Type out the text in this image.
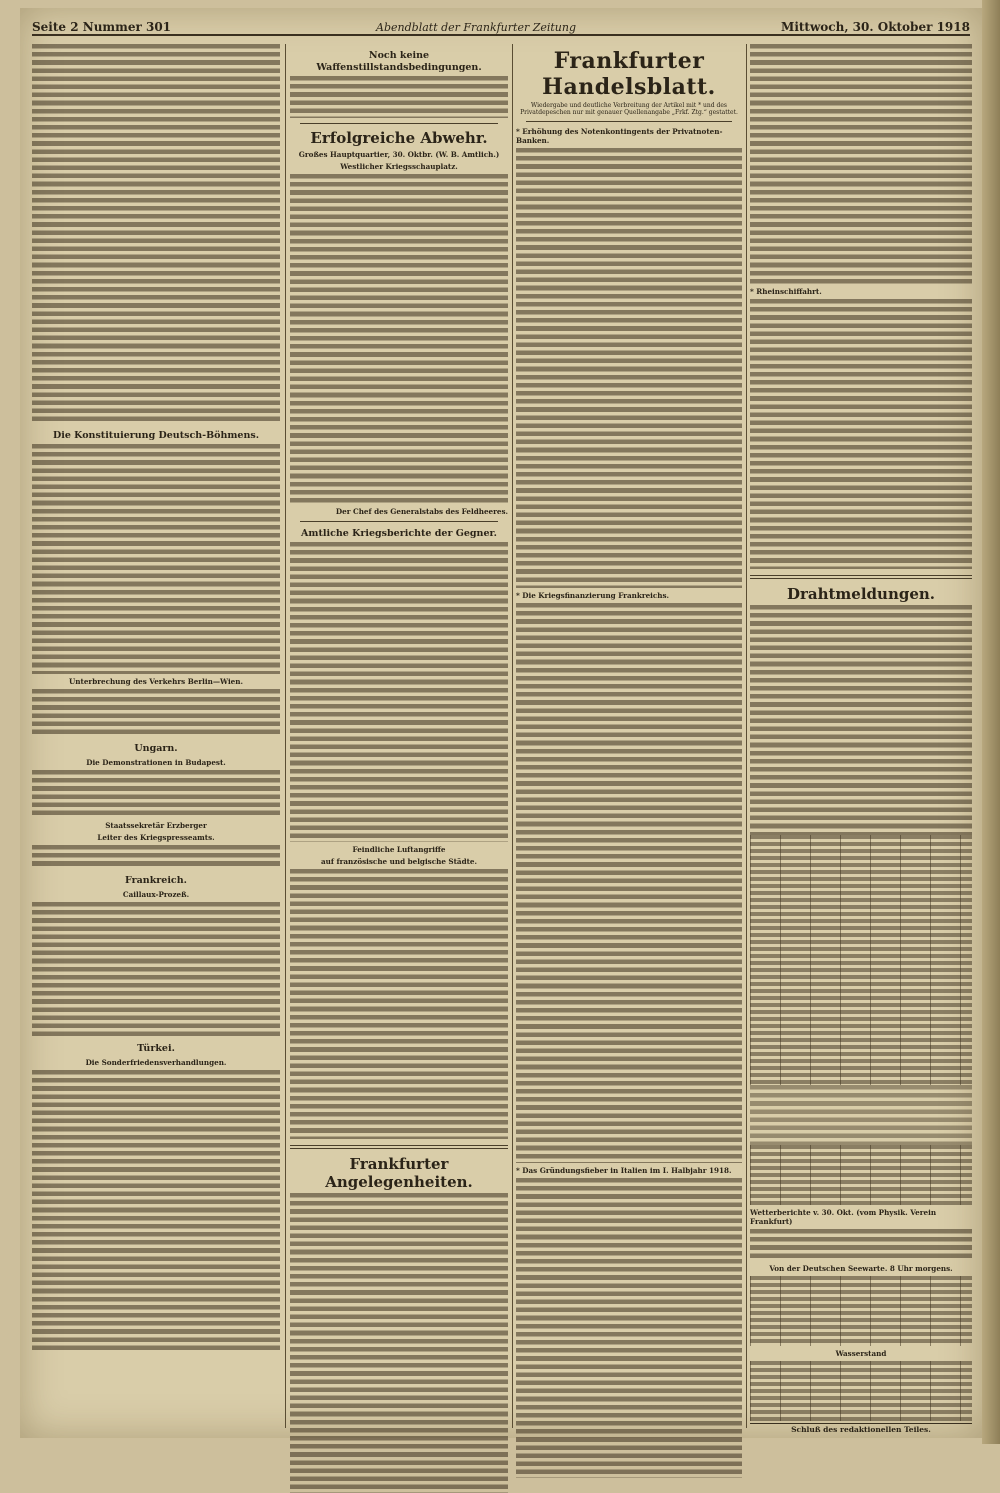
Seite 2 Nummer 301	Abendblatt der Frankfurter Zeitung	Mittwoch, 30. Oktober 1918
Die Konstituierung Deutsch-Böhmens.
Unterbrechung des Verkehrs Berlin—Wien.
Ungarn.
Die Demonstrationen in Budapest.
Staatssekretär Erzberger
Leiter des Kriegspresseamts.
Frankreich.
Caillaux-Prozeß.
Türkei.
Die Sonderfriedensverhandlungen.
Noch keine Waffenstillstandsbedingungen.
Erfolgreiche Abwehr.
Großes Hauptquartier, 30. Oktbr. (W. B. Amtlich.)
Westlicher Kriegsschauplatz.
Der Chef des Generalstabs des Feldheeres.
Amtliche Kriegsberichte der Gegner.
Feindliche Luftangriffe
auf französische und belgische Städte.
Frankfurter Angelegenheiten.
Frankfurter Handelsblatt.
Wiedergabe und deutliche Verbreitung der Artikel mit * und des Privatdepeschen nur mit genauer Quellenangabe „Frkf. Ztg.“ gestattet.
* Erhöhung des Notenkontingents der Privatnoten-Banken.
* Die Kriegsfinanzierung Frankreichs.
* Das Gründungsfieber in Italien im I. Halbjahr 1918.
* Rheinschiffahrt.
Drahtmeldungen.
Wetterberichte v. 30. Okt. (vom Physik. Verein Frankfurt)
Von der Deutschen Seewarte. 8 Uhr morgens.
Wasserstand
Schluß des redaktionellen Teiles.
